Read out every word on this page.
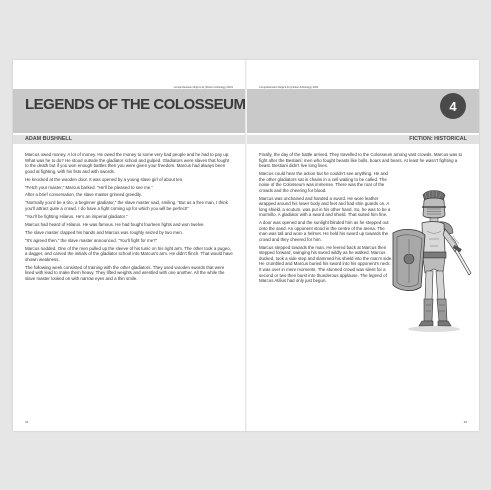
Comprehension Ninja 9-11 (Fiction Anthology) 2021
LEGENDS OF THE COLOSSEUM
ADAM BUSHNELL

Marcus owed money. A lot of money. He owed the money to some very bad people and he had to pay up. What was he to do? He stood outside the gladiator school and gulped. Gladiators were slaves that fought to the death but if you won enough battles then you were given your freedom. Marcus had always been good at fighting, with his fists and with swords.

He knocked at the wooden door. It was opened by a young slave girl of about ten.

“Fetch your master,” Marcus barked. “He’ll be pleased to see me.”

After a brief conversation, the slave master grinned greedily.

“Normally you’d be a tiro, a beginner gladiator,” the slave master said, smiling. “But as a free man, I think you’ll attract quite a crowd. I do have a fight coming up for which you will be perfect!”

“You’ll be fighting Hilarus. He’s an imperial gladiator.”

Marcus had heard of Hilarus. He was famous. He had fought fourteen fights and won twelve.

The slave master clapped his hands and Marcus was roughly seized by two men.

“It’s agreed then,” the slave master announced. “You’ll fight for me?”

Marcus nodded. One of the men pulled up the sleeve of his tunic on his right arm. The other took a pugeo, a dagger, and carved the initials of the gladiator school into Marcus’s arm. He didn’t flinch. That would have shown weakness.

The following week consisted of training with the other gladiators. They used wooden swords that were lined with lead to make them heavy. They lifted weights and wrestled with one another. All the while the slave master looked on with narrow eyes and a thin smile.

34
Comprehension Ninja 9-11 (Fiction Anthology) 2021
4
FICTION: HISTORICAL

Finally, the day of the battle arrived. They travelled to the Colosseum among vast crowds. Marcus was to fight after the Bestiarii: men who fought beasts like bulls, boars and bears. At least he wasn’t fighting a beast. Bestiarii didn’t live long lives.

Marcus could hear the action but he couldn’t see anything. He and the other gladiators sat in chains in a cell waiting to be called. The noise of the Colosseum was immense. There was the roar of the crowds and the cheering for blood.

Marcus was unchained and handed a sword. He wore leather wrapped around his lower body and feet and had shin guards on. A long shield, a scutum, was put in his other hand. So, he was to be a murmillo. A gladiator with a sword and shield. That suited him fine.

A door was opened and the sunlight blinded him as he stepped out onto the sand. An opponent stood in the centre of the arena. The man was tall and wore a helmet. He held his sword up towards the crowd and they cheered for him.

Marcus stepped towards the man. He leered back at Marcus then stepped forward, swinging his sword wildly as he walked. Marcus ducked, took a side step and slammed his shield into the man’s side. He crumbled and Marcus buried his sword into his opponent’s neck. It was over in mere moments. The stunned crowd was silent for a second or two then burst into thunderous applause. The legend of Marcus Atilius had only just begun.

35
